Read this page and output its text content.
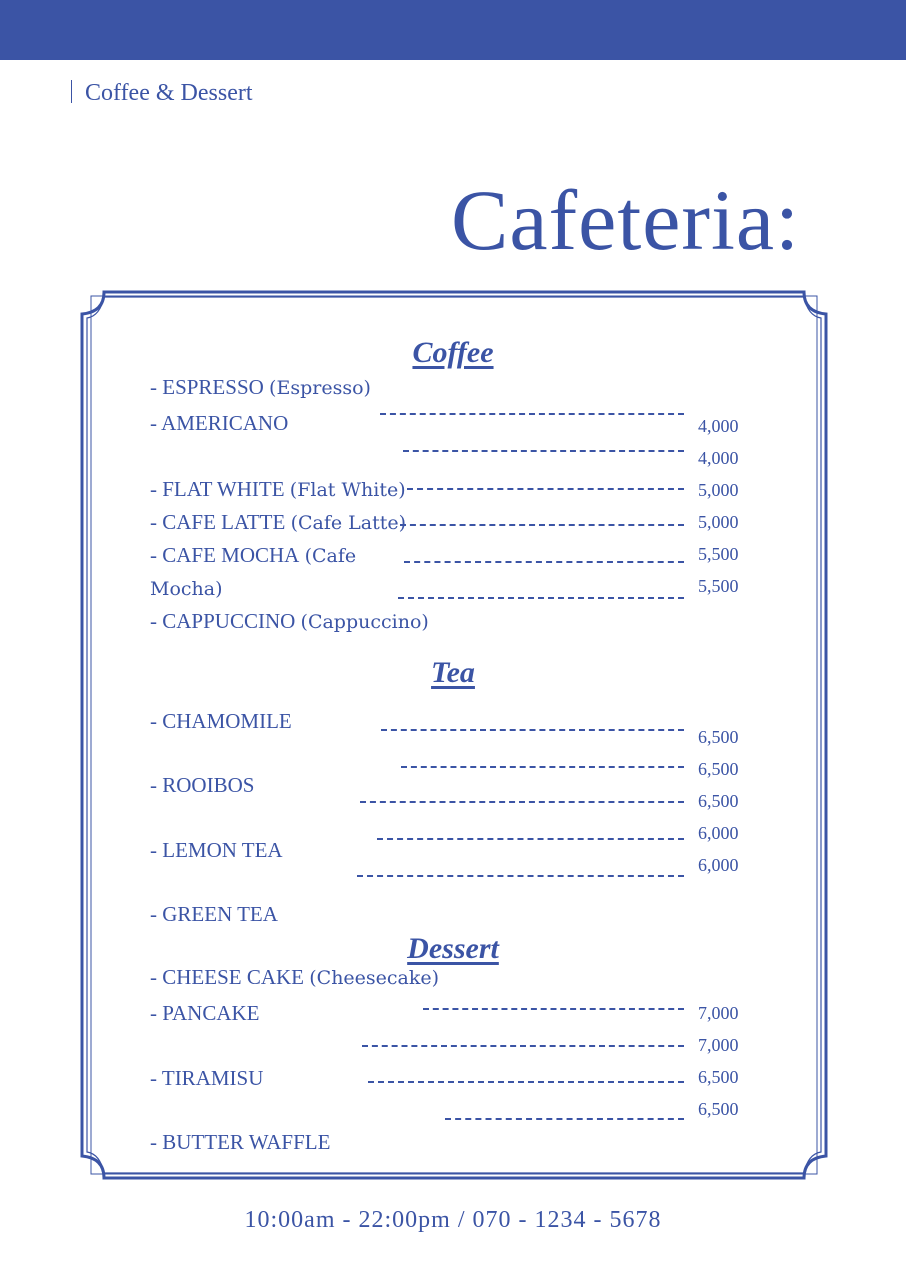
Coffee & Dessert
Cafeteria:
Coffee
- ESPRESSO (Espresso)
- AMERICANO
- FLAT WHITE (Flat White)
- CAFE LATTE (Cafe Latte)
- CAFE MOCHA (Cafe
Mocha)
- CAPPUCCINO (Cappuccino)
4,000
4,000
5,000
5,000
5,500
5,500
Tea
- CHAMOMILE
- ROOIBOS
- LEMON TEA
- GREEN TEA
6,500
6,500
6,500
6,000
6,000
Dessert
- CHEESE CAKE (Cheesecake)
- PANCAKE
- TIRAMISU
- BUTTER WAFFLE
7,000
7,000
6,500
6,500
10:00am - 22:00pm / 070 - 1234 - 5678
